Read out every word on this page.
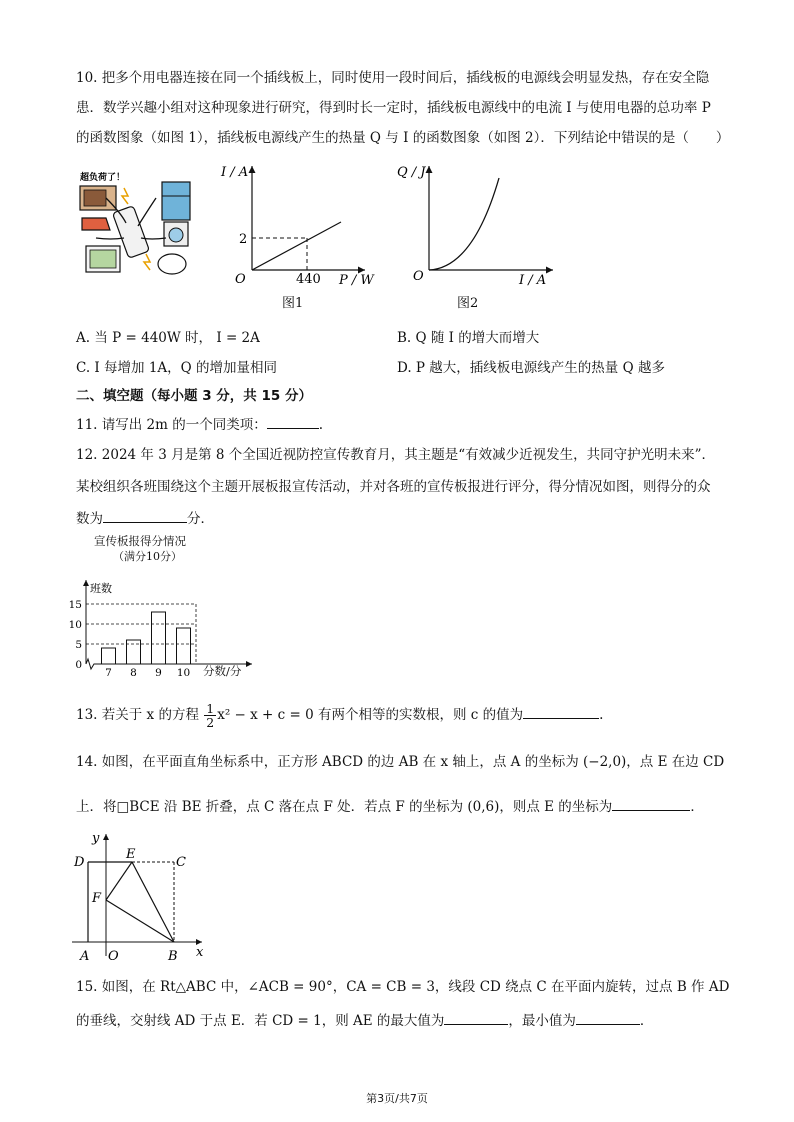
10. 把多个用电器连接在同一个插线板上，同时使用一段时间后，插线板的电源线会明显发热，存在安全隐
患．数学兴趣小组对这种现象进行研究，得到时长一定时，插线板电源线中的电流 I 与使用电器的总功率 P
的函数图象（如图 1），插线板电源线产生的热量 Q 与 I 的函数图象（如图 2）．下列结论中错误的是（　　）
超负荷了！	I / A
P / W
O
2
440
图1
Q / J
I / A
O
图2
A. 当 P = 440W 时， I = 2A	B. Q 随 I 的增大而增大
C. I 每增加 1A，Q 的增加量相同	D. P 越大，插线板电源线产生的热量 Q 越多
二、填空题（每小题 3 分，共 15 分）
11. 请写出 2m 的一个同类项：	.
12. 2024 年 3 月是第 8 个全国近视防控宣传教育月，其主题是“有效减少近视发生，共同守护光明未来”．
某校组织各班围绕这个主题开展板报宣传活动，并对各班的宣传板报进行评分，得分情况如图，则得分的众
数为	分．
宣传板报得分情况
（满分10分）
班数
0
5
10
15
7 8 9 10 分数/分
13. 若关于 x 的方程 $\frac{1}{2} x^2 - x + c = 0$ 有两个相等的实数根，则 c 的值为	.
14. 如图，在平面直角坐标系中，正方形 ABCD 的边 AB 在 x 轴上，点 A 的坐标为 (−2,0)，点 E 在边 CD
上．将□BCE 沿 BE 折叠，点 C 落在点 F 处．若点 F 的坐标为 (0,6)，则点 E 的坐标为	．
y
x
D
E
C
F
A O	B
15. 如图，在 Rt△ABC 中，∠ACB = 90°，CA = CB = 3，线段 CD 绕点 C 在平面内旋转，过点 B 作 AD
的垂线，交射线 AD 于点 E．若 CD = 1，则 AE 的最大值为	，最小值为	．
第3页/共7页
